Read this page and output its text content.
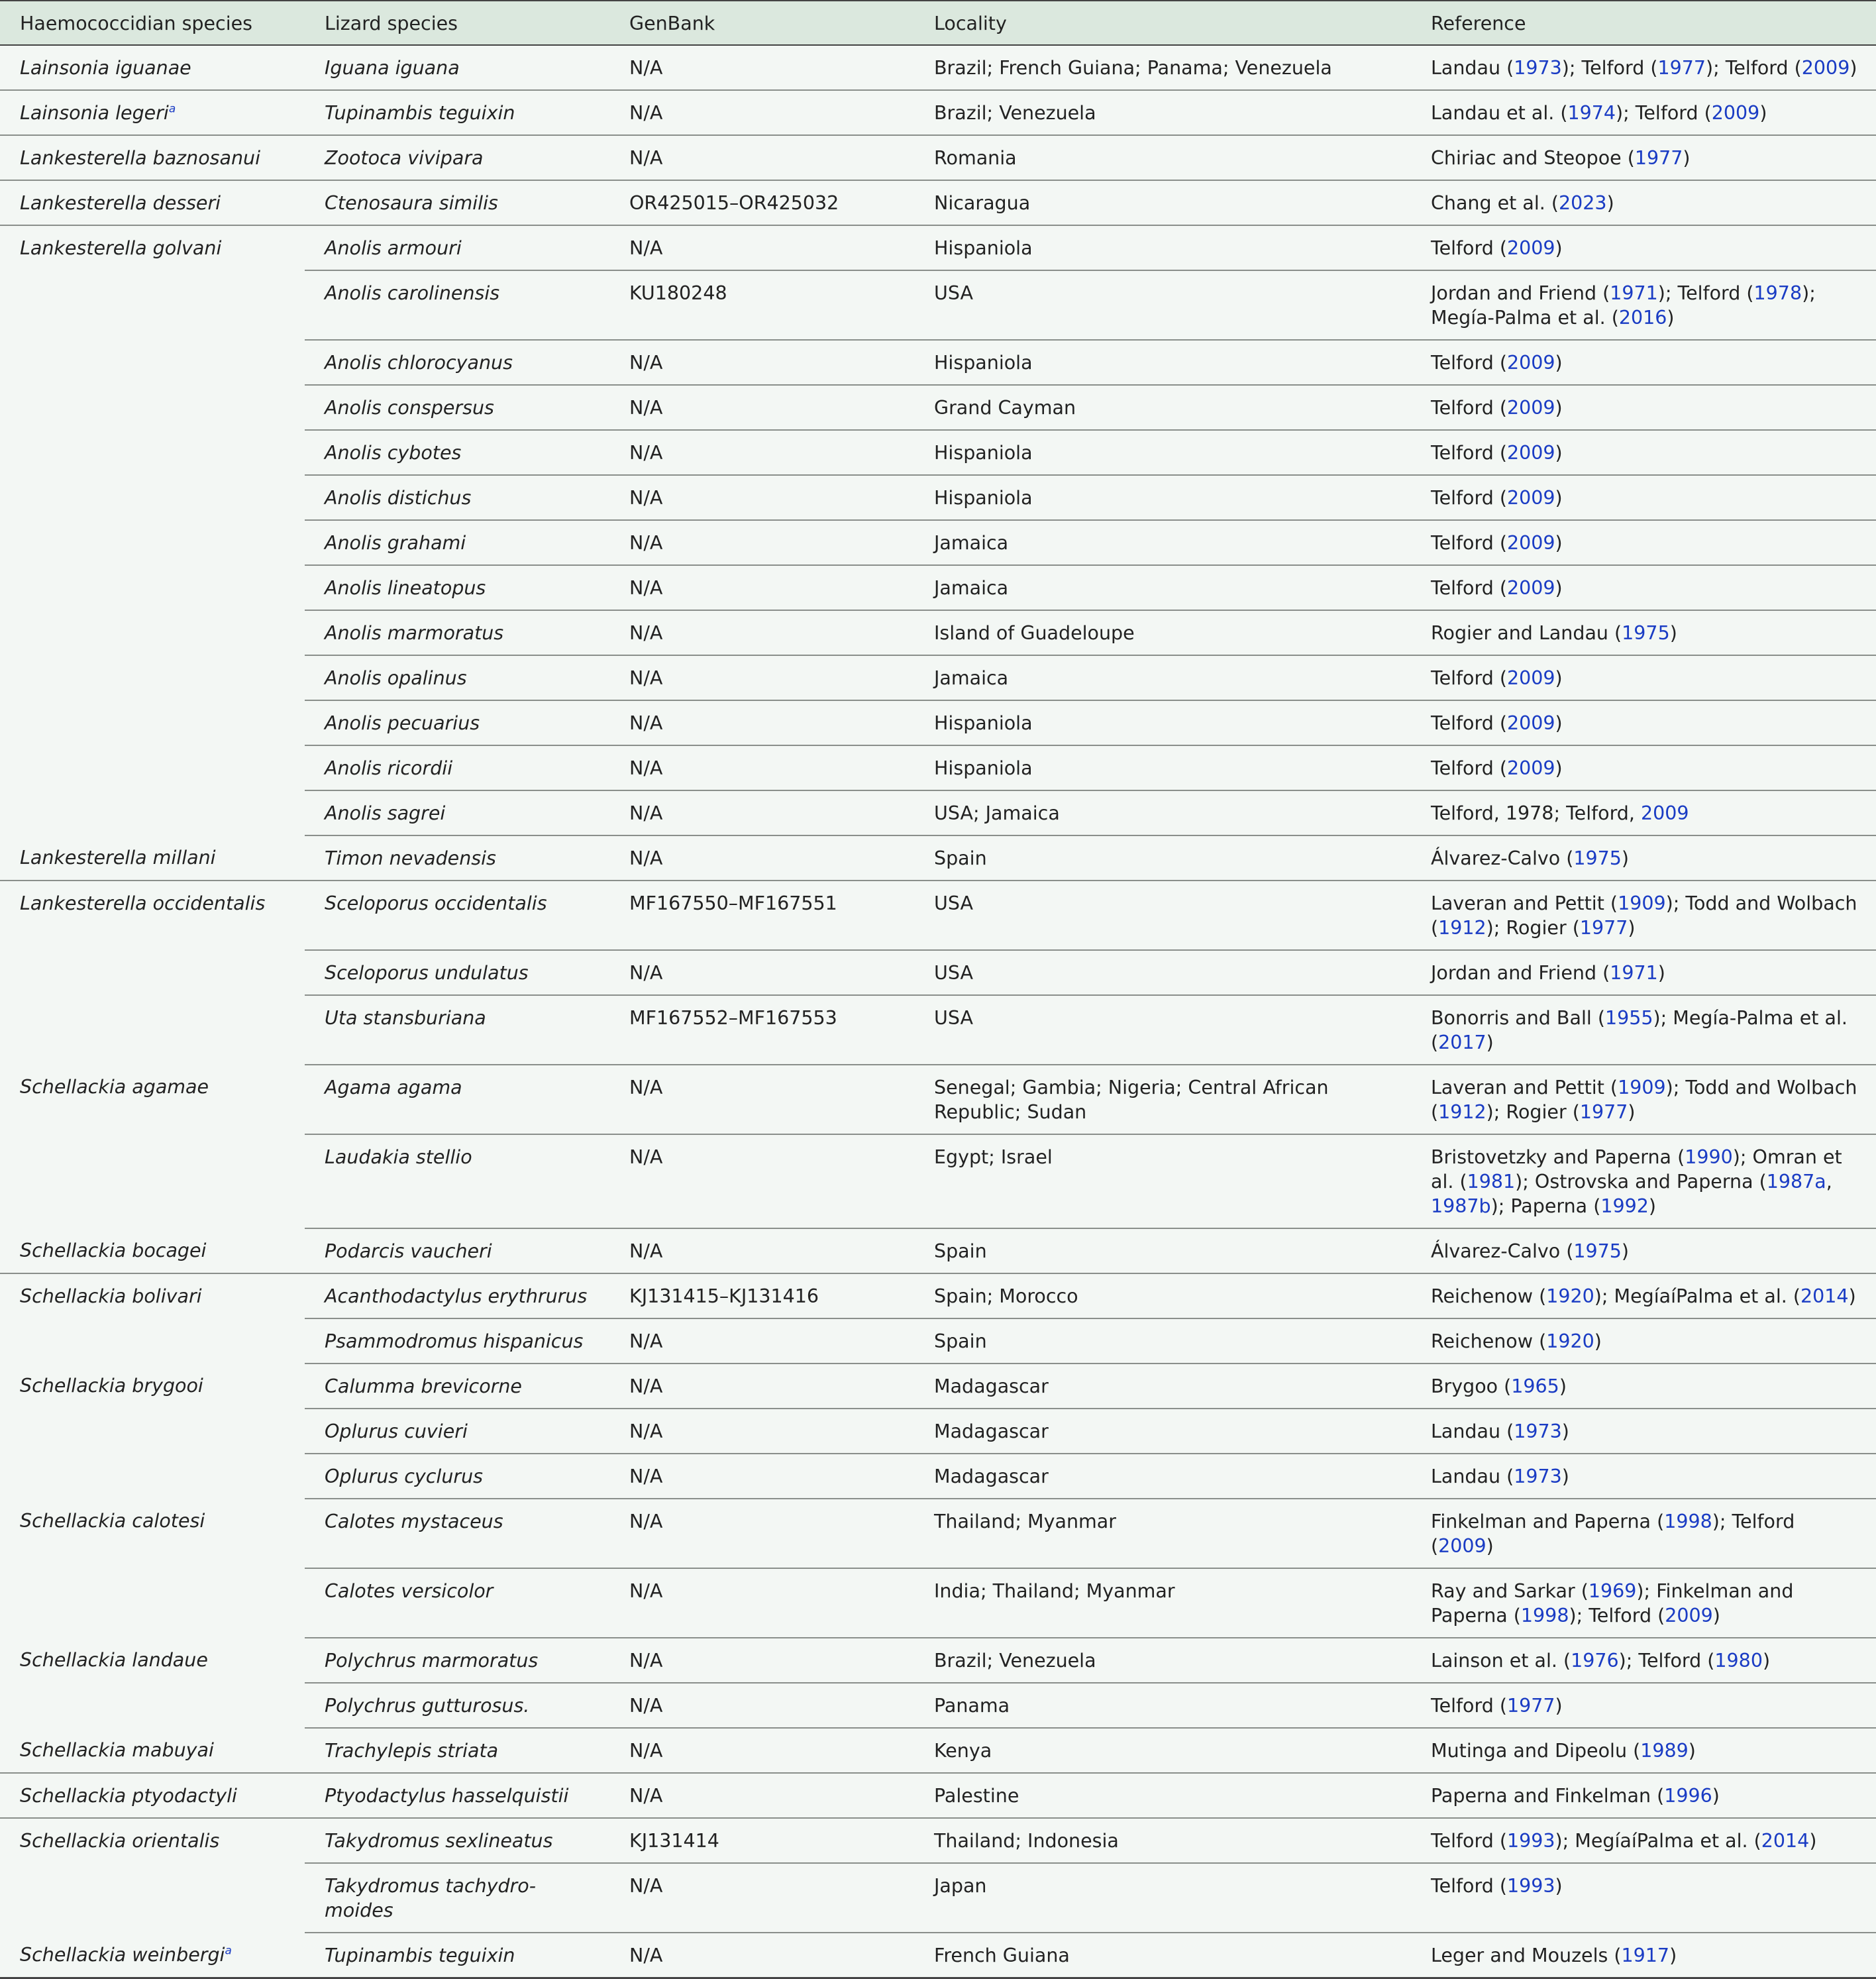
Haemococcidian species	Lizard species	GenBank	Locality	Reference
Lainsonia iguanae	Iguana iguana	N/A	Brazil; French Guiana; Panama; Venezuela	Landau (1973); Telford (1977); Telford (2009)
Lainsonia legeri$^a$	Tupinambis teguixin	N/A	Brazil; Venezuela	Landau et al. (1974); Telford (2009)
Lankesterella baznosanui	Zootoca vivipara	N/A	Romania	Chiriac and Steopoe (1977)
Lankesterella desseri	Ctenosaura similis	OR425015–OR425032	Nicaragua	Chang et al. (2023)
Lankesterella golvani	Anolis armouri	N/A	Hispaniola	Telford (2009)
	Anolis carolinensis	KU180248	USA	Jordan and Friend (1971); Telford (1978); Megía-Palma et al. (2016)
	Anolis chlorocyanus	N/A	Hispaniola	Telford (2009)
	Anolis conspersus	N/A	Grand Cayman	Telford (2009)
	Anolis cybotes	N/A	Hispaniola	Telford (2009)
	Anolis distichus	N/A	Hispaniola	Telford (2009)
	Anolis grahami	N/A	Jamaica	Telford (2009)
	Anolis lineatopus	N/A	Jamaica	Telford (2009)
	Anolis marmoratus	N/A	Island of Guadeloupe	Rogier and Landau (1975)
	Anolis opalinus	N/A	Jamaica	Telford (2009)
	Anolis pecuarius	N/A	Hispaniola	Telford (2009)
	Anolis ricordii	N/A	Hispaniola	Telford (2009)
	Anolis sagrei	N/A	USA; Jamaica	Telford, 1978; Telford, 2009
Lankesterella millani	Timon nevadensis	N/A	Spain	Álvarez-Calvo (1975)
Lankesterella occidentalis	Sceloporus occidentalis	MF167550–MF167551	USA	Laveran and Pettit (1909); Todd and Wolbach (1912); Rogier (1977)
	Sceloporus undulatus	N/A	USA	Jordan and Friend (1971)
	Uta stansburiana	MF167552–MF167553	USA	Bonorris and Ball (1955); Megía-Palma et al. (2017)
Schellackia agamae	Agama agama	N/A	Senegal; Gambia; Nigeria; Central African Republic; Sudan	Laveran and Pettit (1909); Todd and Wolbach (1912); Rogier (1977)
	Laudakia stellio	N/A	Egypt; Israel	Bristovetzky and Paperna (1990); Omran et al. (1981); Ostrovska and Paperna (1987a, 1987b); Paperna (1992)
Schellackia bocagei	Podarcis vaucheri	N/A	Spain	Álvarez-Calvo (1975)
Schellackia bolivari	Acanthodactylus erythrurus	KJ131415–KJ131416	Spain; Morocco	Reichenow (1920); MegíaíPalma et al. (2014)
	Psammodromus hispanicus	N/A	Spain	Reichenow (1920)
Schellackia brygooi	Calumma brevicorne	N/A	Madagascar	Brygoo (1965)
	Oplurus cuvieri	N/A	Madagascar	Landau (1973)
	Oplurus cyclurus	N/A	Madagascar	Landau (1973)
Schellackia calotesi	Calotes mystaceus	N/A	Thailand; Myanmar	Finkelman and Paperna (1998); Telford (2009)
	Calotes versicolor	N/A	India; Thailand; Myanmar	Ray and Sarkar (1969); Finkelman and Paperna (1998); Telford (2009)
Schellackia landaue	Polychrus marmoratus	N/A	Brazil; Venezuela	Lainson et al. (1976); Telford (1980)
	Polychrus gutturosus.	N/A	Panama	Telford (1977)
Schellackia mabuyai	Trachylepis striata	N/A	Kenya	Mutinga and Dipeolu (1989)
Schellackia ptyodactyli	Ptyodactylus hasselquistii	N/A	Palestine	Paperna and Finkelman (1996)
Schellackia orientalis	Takydromus sexlineatus	KJ131414	Thailand; Indonesia	Telford (1993); MegíaíPalma et al. (2014)
	Takydromus tachydro-moides	N/A	Japan	Telford (1993)
Schellackia weinbergi$^a$	Tupinambis teguixin	N/A	French Guiana	Leger and Mouzels (1917)
